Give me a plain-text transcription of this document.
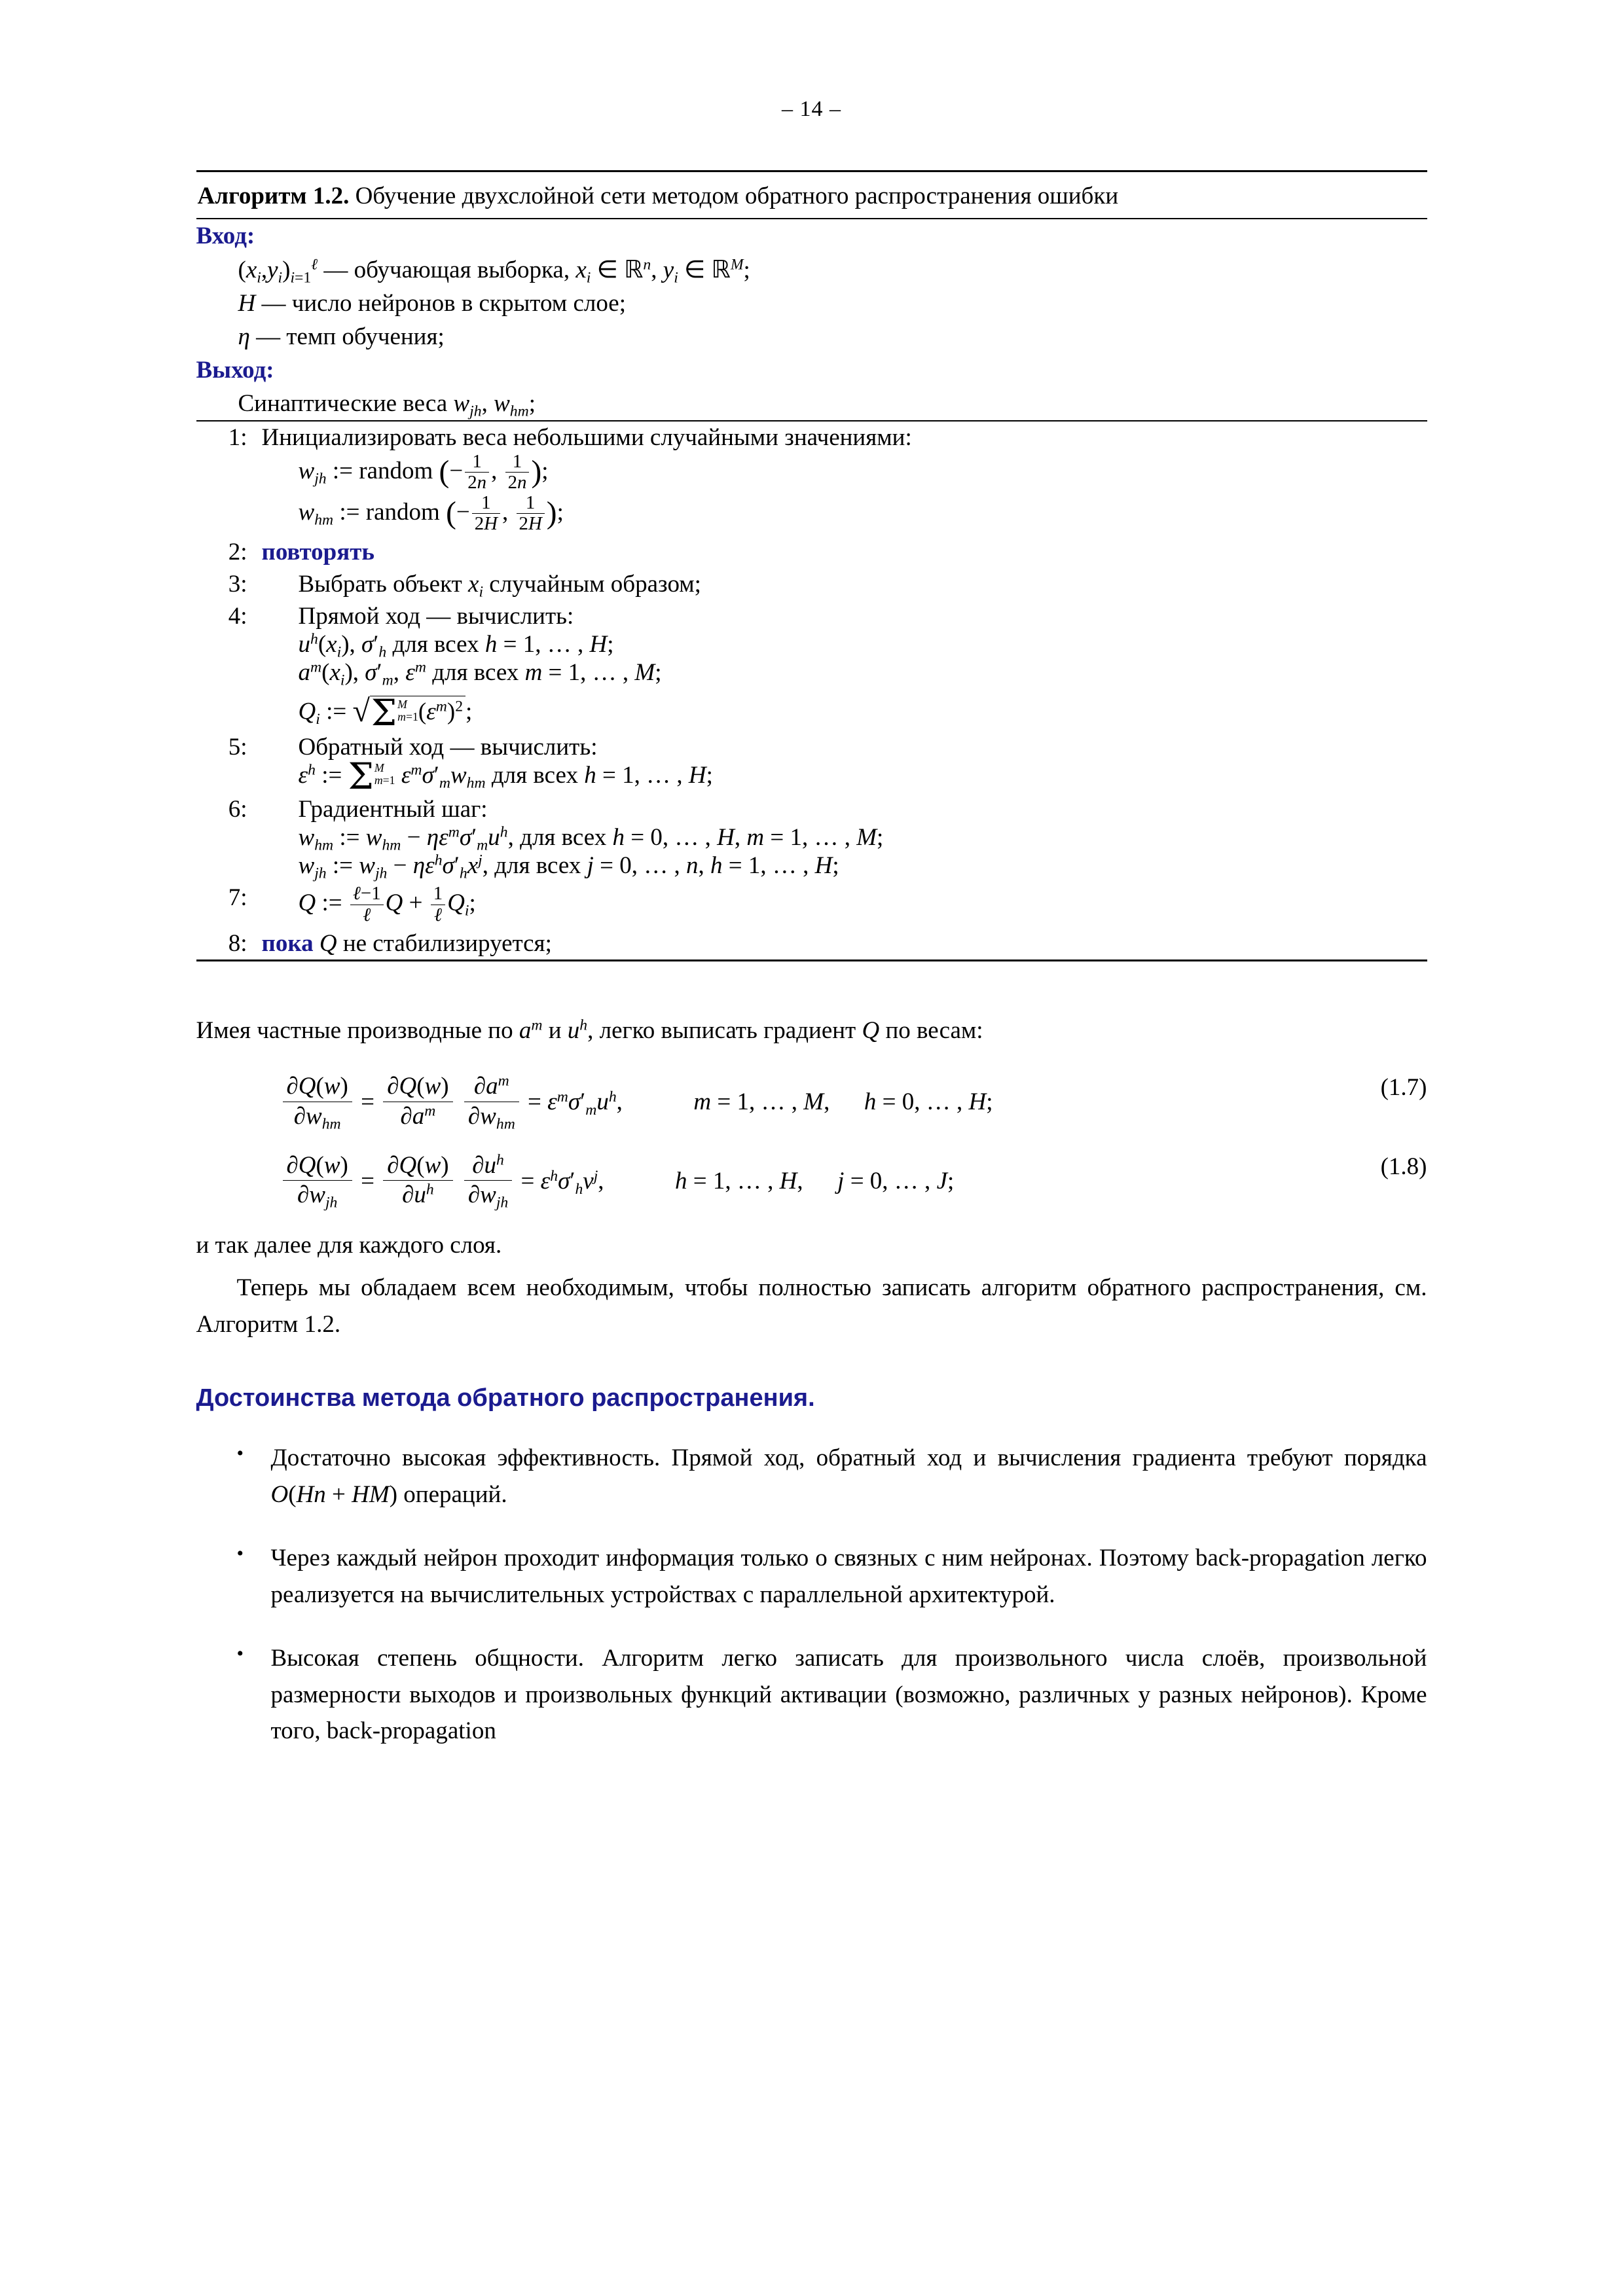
– 14 –
Алгоритм 1.2. Обучение двухслойной сети методом обратного распространения ошибки
Вход:
$(x_i,y_i)_{i=1}^\ell$ — обучающая выборка, $x_i$ ∈ ℝ$^n$, $y_i$ ∈ ℝ$^M$;
H — число нейронов в скрытом слое;
η — темп обучения;
Выход:
Синаптические веса $w_{jh}$, $w_{hm}$;
1:	Инициализировать веса небольшими случайными значениями:
$w_{jh}$ := random (− $\frac{1}{2n}$ , $\frac{1}{2n}$ );
$w_{hm}$ := random (− $\frac{1}{2H}$ , $\frac{1}{2H}$ );

2:	повторять
3:	Выбрать объект $x_i$ случайным образом;
4:	Прямой ход — вычислить:
$u^h(x_i)$, $\sigma'_h$ для всех h = 1, … , H;
$a^m(x_i)$, $\sigma'_m$, $\varepsilon^m$ для всех m = 1, … , M;
$Q_i$ := √Σ M
m=1 $(\varepsilon^m)^2$ ;

5:	Обратный ход — вычислить:
$\varepsilon^h$ := Σ M
m=1 $\varepsilon^m\sigma'_mw_{hm}$ для всех h = 1, … , H;

6:	Градиентный шаг:
$w_{hm}$ := $w_{hm} - \eta\varepsilon^m\sigma'_mu^h$, для всех h = 0, … , H, m = 1, … , M;
$w_{jh}$ := $w_{jh} - \eta\varepsilon^h\sigma'_hx^j$, для всех j = 0, … , n, h = 1, … , H;

7:	Q := $\frac{\text{ℓ−1}}{\text{ℓ}}$ $Q + \frac{1}{\text{ℓ}} Q_i$;

8:	пока Q не стабилизируется;
Имея частные производные по $a^m$ и $u^h$, легко выписать градиент Q по весам:
(1.7)
∂Q(w)
$\partial w_{hm}$
= $\frac{\partial Q(w)}{\partial a^m}$
$\partial a^m$
$\partial w_{hm}$
= $\varepsilon^m\sigma'_mu^h$,	m = 1, … , M, h = 0, … , H;
(1.8)
∂Q(w)
$\partial w_{jh}$
= $\frac{\partial Q(w)}{\partial u^h}$
$\partial u^h$
$\partial w_{jh}$
= $\varepsilon^h\sigma'_hv^j$,	h = 1, … , H, j = 0, … , J;
и так далее для каждого слоя.
Теперь мы обладаем всем необходимым, чтобы полностью записать алгоритм обратного распространения, см. Алгоритм 1.2.
Достоинства метода обратного распространения.
• Достаточно высокая эффективность. Прямой ход, обратный ход и вычисления градиента требуют порядка O(Hn + HM) операций.
• Через каждый нейрон проходит информация только о связных с ним нейронах. Поэтому back-propagation легко реализуется на вычислительных устройствах с параллельной архитектурой.
• Высокая степень общности. Алгоритм легко записать для произвольного числа слоёв, произвольной размерности выходов и произвольных функций активации (возможно, различных у разных нейронов). Кроме того, back-propagation
